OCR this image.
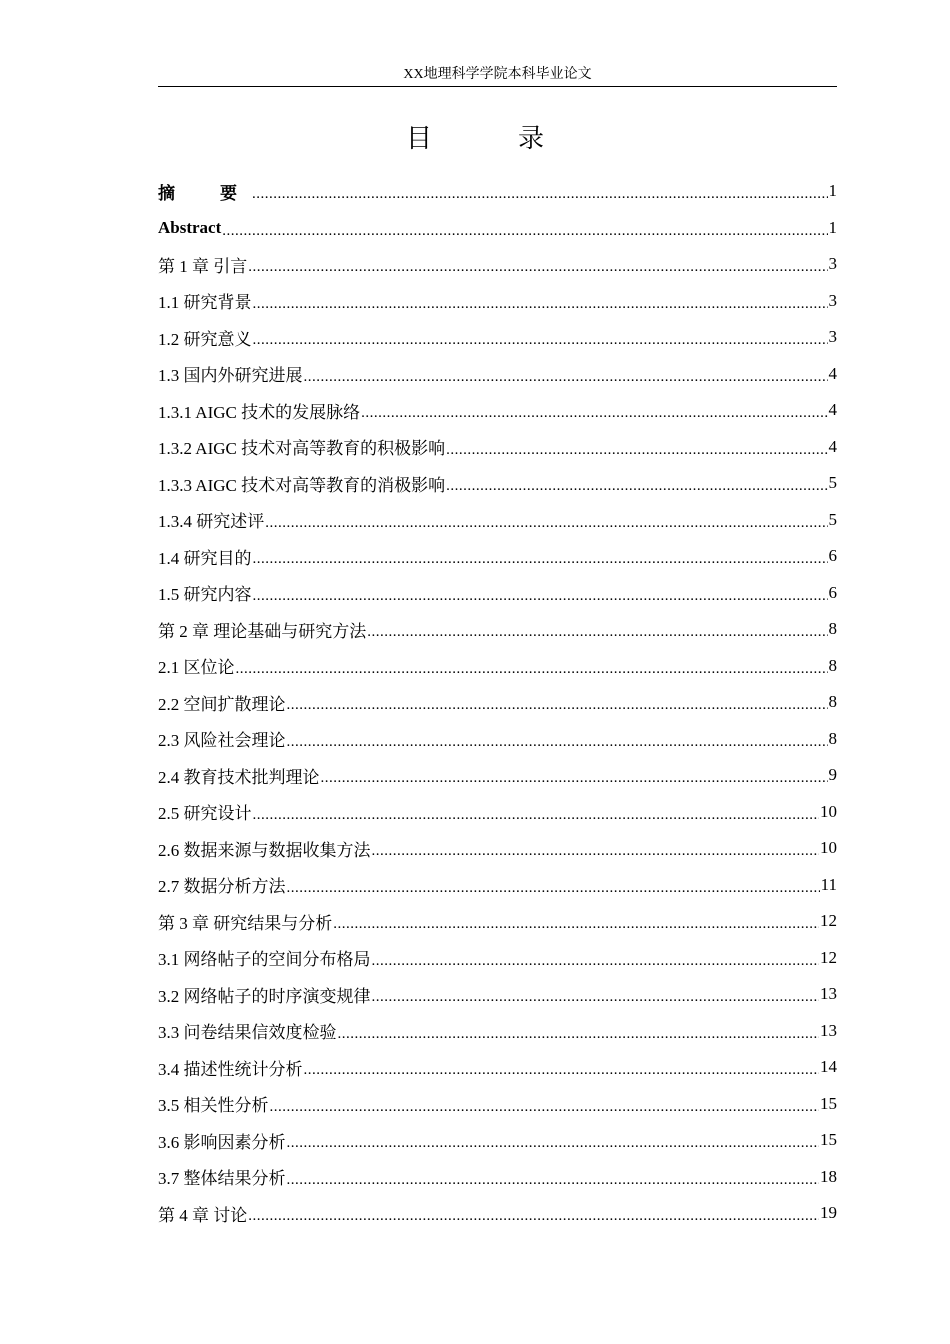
XX地理科学学院本科毕业论文
目　录
摘　要 .....	1
Abstract .....	1
第 1 章 引言 .....	3
1.1 研究背景 .....	3
1.2 研究意义 .....	3
1.3 国内外研究进展 .....	4
1.3.1 AIGC 技术的发展脉络 .....	4
1.3.2 AIGC 技术对高等教育的积极影响 .....	4
1.3.3 AIGC 技术对高等教育的消极影响 .....	5
1.3.4 研究述评 .....	5
1.4 研究目的 .....	6
1.5 研究内容 .....	6
第 2 章 理论基础与研究方法 .....	8
2.1 区位论 .....	8
2.2 空间扩散理论 .....	8
2.3 风险社会理论 .....	8
2.4 教育技术批判理论 .....	9
2.5 研究设计 .....	10
2.6 数据来源与数据收集方法 .....	10
2.7 数据分析方法 .....	11
第 3 章 研究结果与分析 .....	12
3.1 网络帖子的空间分布格局 .....	12
3.2 网络帖子的时序演变规律 .....	13
3.3 问卷结果信效度检验 .....	13
3.4 描述性统计分析 .....	14
3.5 相关性分析 .....	15
3.6 影响因素分析 .....	15
3.7 整体结果分析 .....	18
第 4 章 讨论 .....	19
